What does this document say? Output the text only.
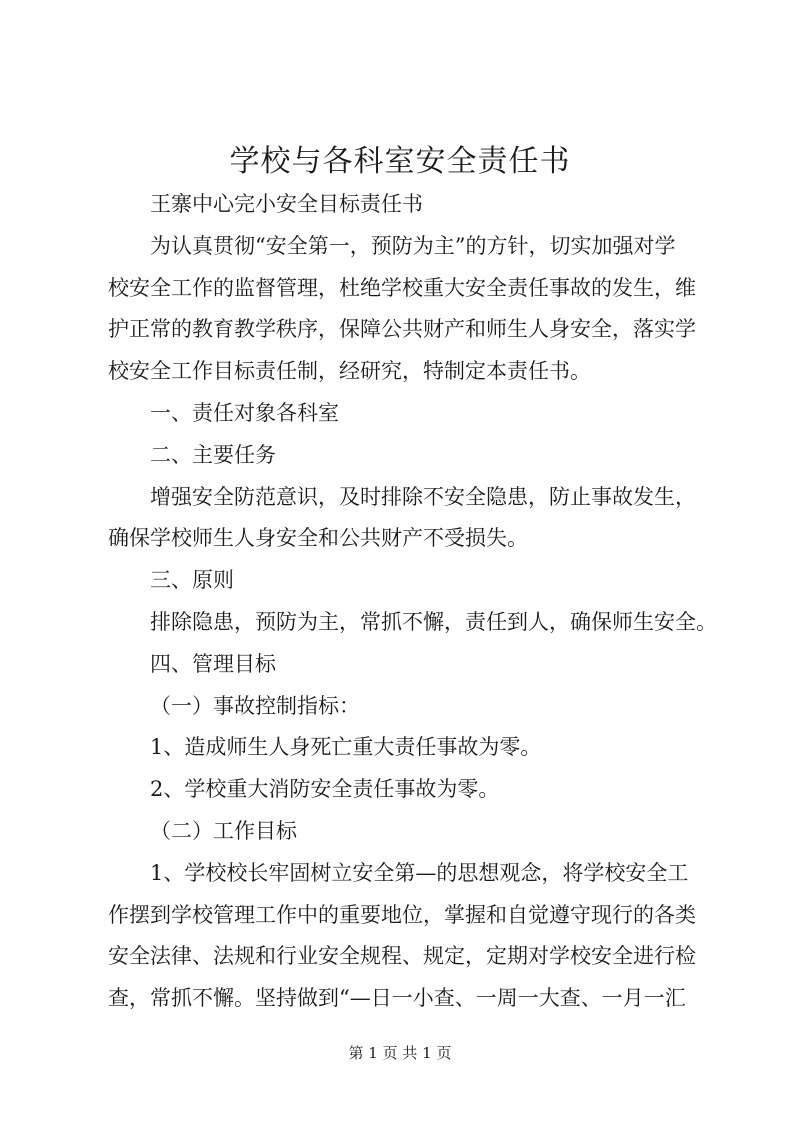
学校与各科室安全责任书

王寨中心完小安全目标责任书

为认真贯彻“安全第一，预防为主”的方针，切实加强对学

校安全工作的监督管理，杜绝学校重大安全责任事故的发生，维

护正常的教育教学秩序，保障公共财产和师生人身安全，落实学

校安全工作目标责任制，经研究，特制定本责任书。

一、责任对象各科室

二、主要任务

增强安全防范意识，及时排除不安全隐患，防止事故发生，

确保学校师生人身安全和公共财产不受损失。

三、原则

排除隐患，预防为主，常抓不懈，责任到人，确保师生安全。

四、管理目标

（一）事故控制指标：

1、造成师生人身死亡重大责任事故为零。

2、学校重大消防安全责任事故为零。

（二）工作目标

1、学校校长牢固树立安全第—的思想观念，将学校安全工

作摆到学校管理工作中的重要地位，掌握和自觉遵守现行的各类

安全法律、法规和行业安全规程、规定，定期对学校安全进行检

查，常抓不懈。坚持做到“—日一小查、一周一大查、一月一汇

第 1 页 共 1 页
